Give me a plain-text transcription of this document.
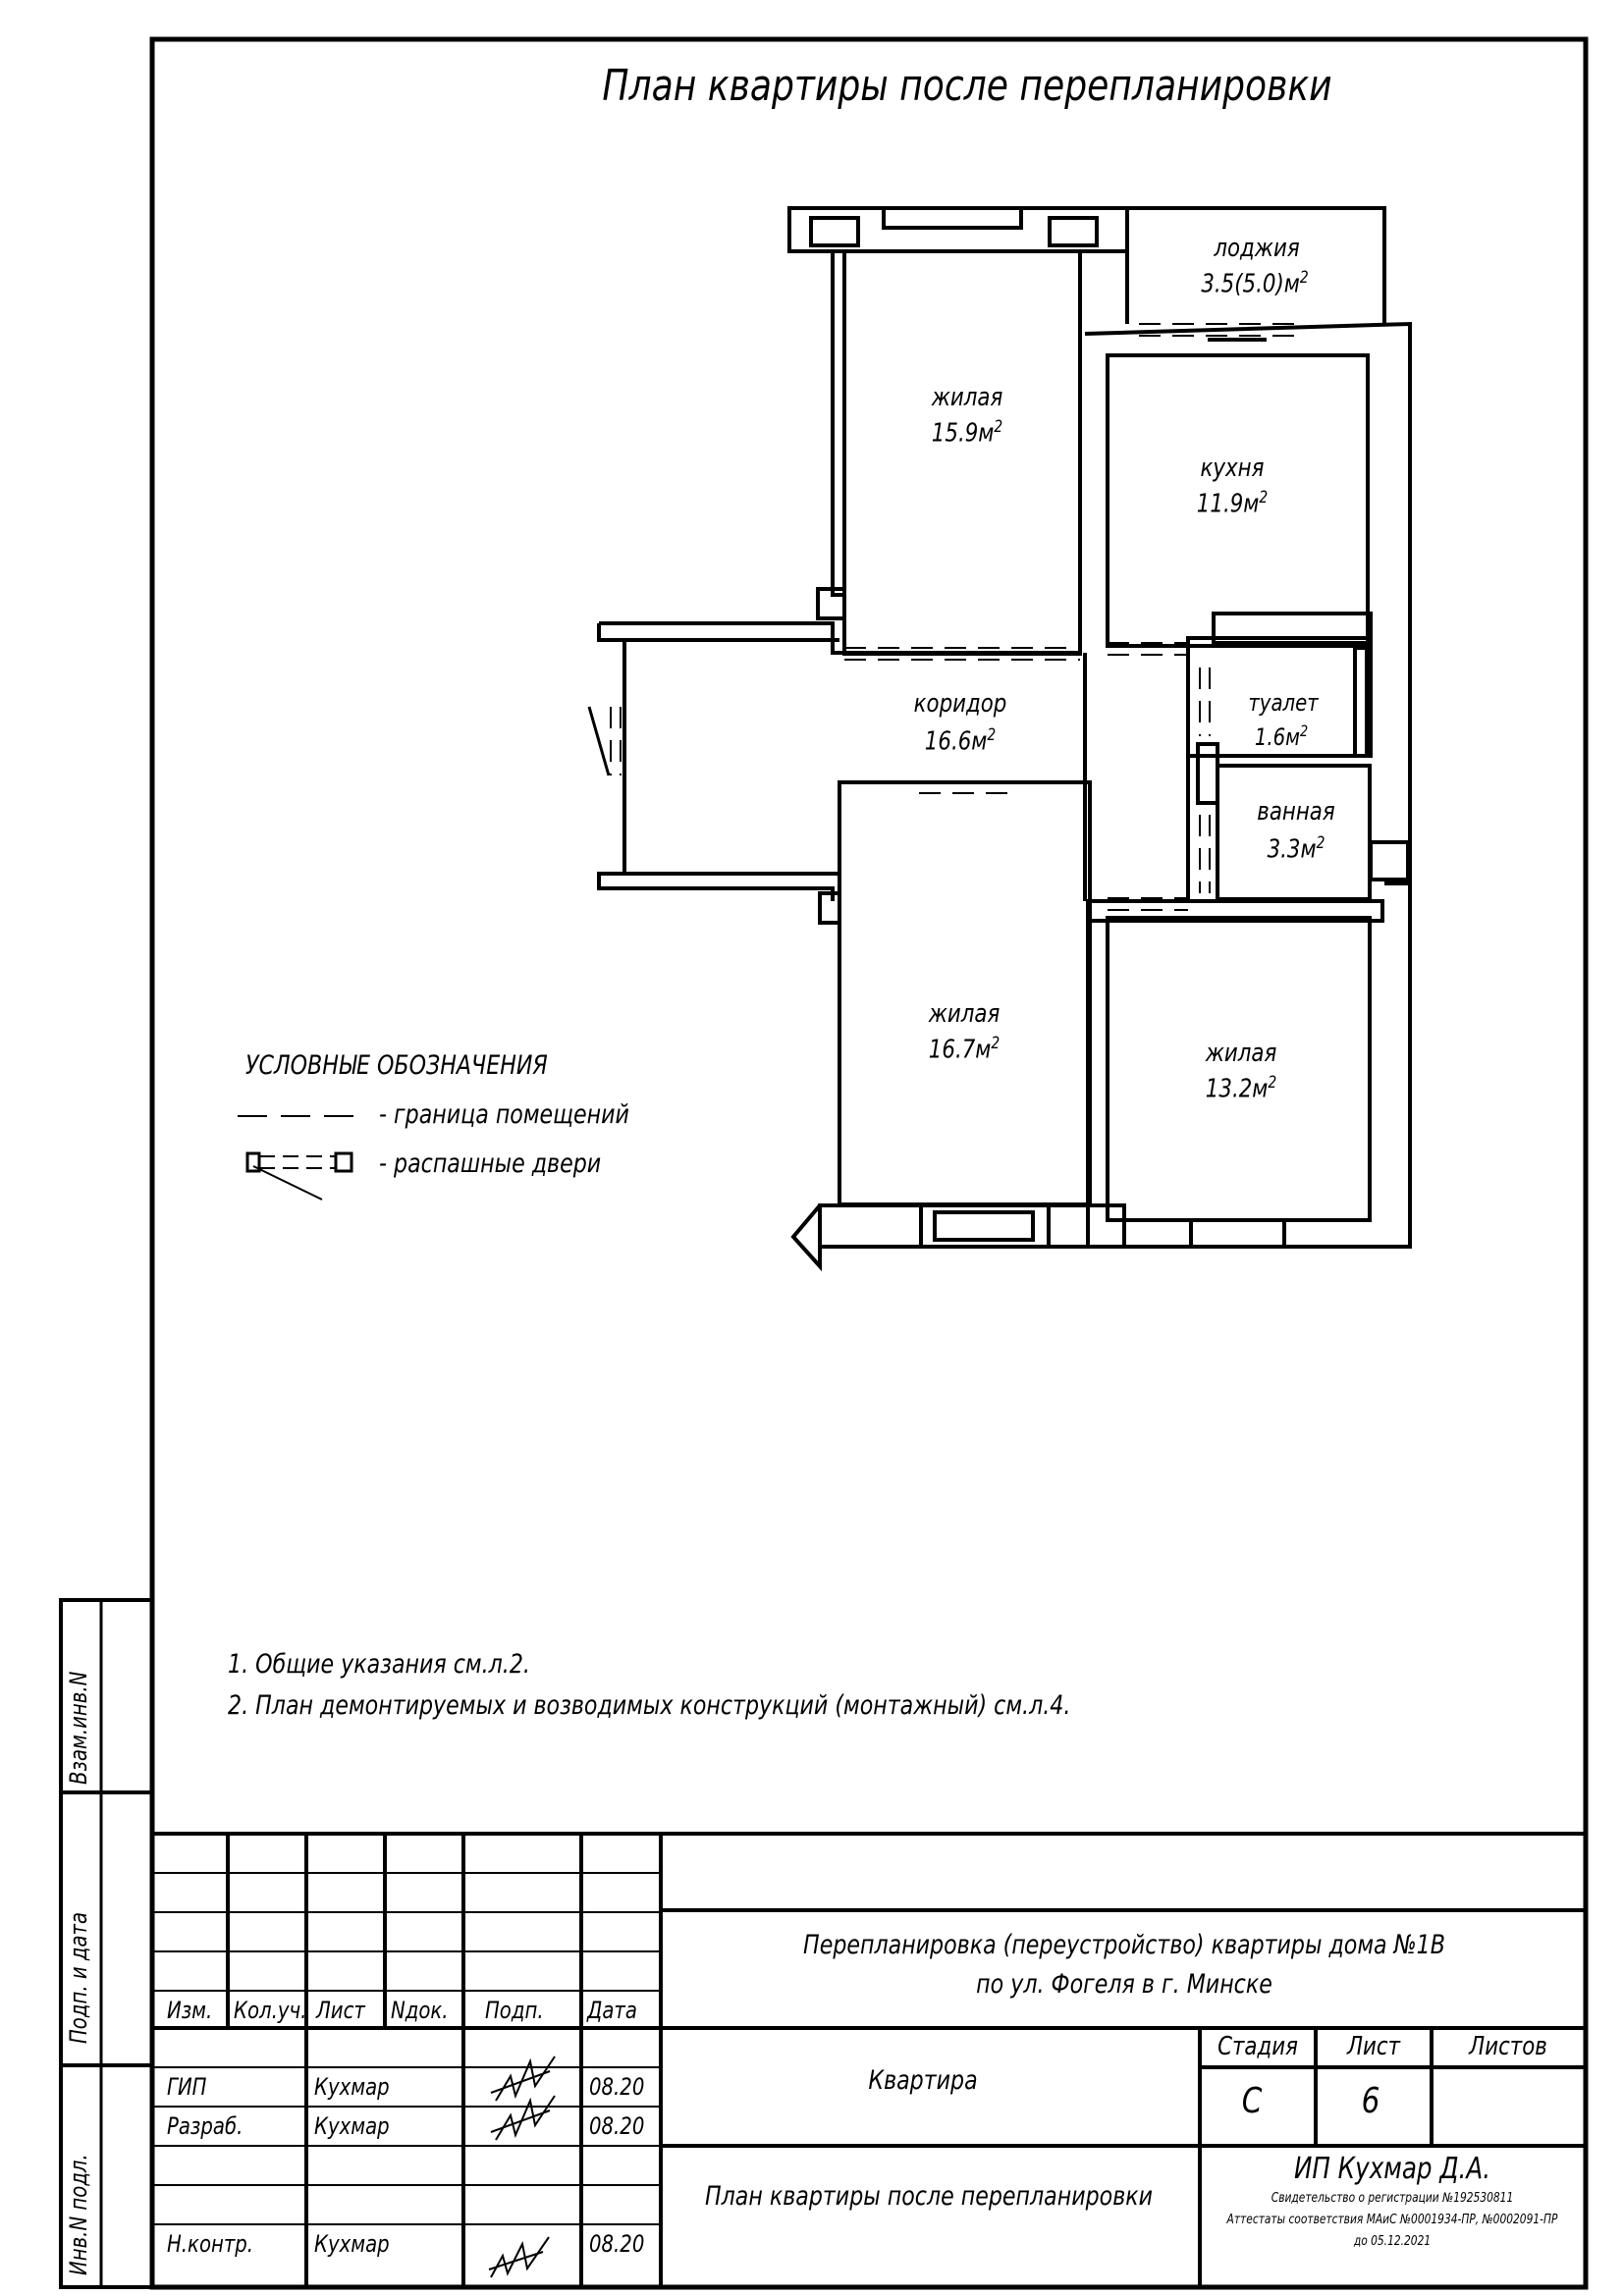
План квартиры после перепланировки
лоджия
$3.5(5.0)м^2$
жилая
$15.9м^2$
кухня
$11.9м^2$
коридор
$16.6м^2$
туалет
$1.6м^2$
ванная
$3.3м^2$
жилая
$16.7м^2$	жилая
$13.2м^2$
УСЛОВНЫЕ ОБОЗНАЧЕНИЯ
- граница помещений
- распашные двери
1. Общие указания см.л.2.
2. План демонтируемых и возводимых конструкций (монтажный) см.л.4.
Взам.инв.N
Подп. и дата
Инв.N подл.
Изм. Кол.уч. Лист Nдок. Подп. Дата
ГИП	Кухмар	08.20
Разраб.	Кухмар	08.20
Н.контр.	Кухмар	08.20
Перепланировка (переустройство) квартиры дома №1В
по ул. Фогеля в г. Минске
Квартира
План квартиры после перепланировки
Стадия Лист	Листов
С	6
ИП Кухмар Д.А.
Свидетельство о регистрации №192530811
Аттестаты соответствия МАиС №0001934-ПР, №0002091-ПР
до 05.12.2021
